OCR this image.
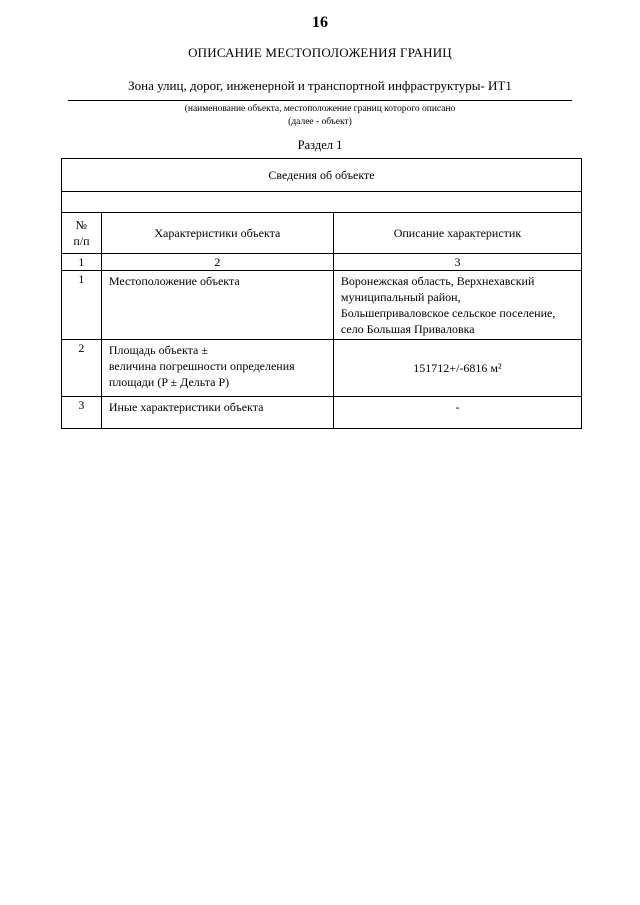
16
ОПИСАНИЕ МЕСТОПОЛОЖЕНИЯ ГРАНИЦ
Зона улиц, дорог, инженерной и транспортной инфраструктуры- ИТ1
(наименование объекта, местоположение границ которого описано
(далее - объект)
Раздел 1
Сведения об объекте		

№
п/п	Характеристики объекта	Описание характеристик
1	2	3
1	Местоположение объекта	Воронежская область, Верхнехавский
муниципальный район,
Большеприваловское сельское поселение,
село Большая Приваловка

2	Площадь объекта ±
величина погрешности определения
площади (P ± Дельта P)	151712+/-6816 м²
3	Иные характеристики объекта	-
